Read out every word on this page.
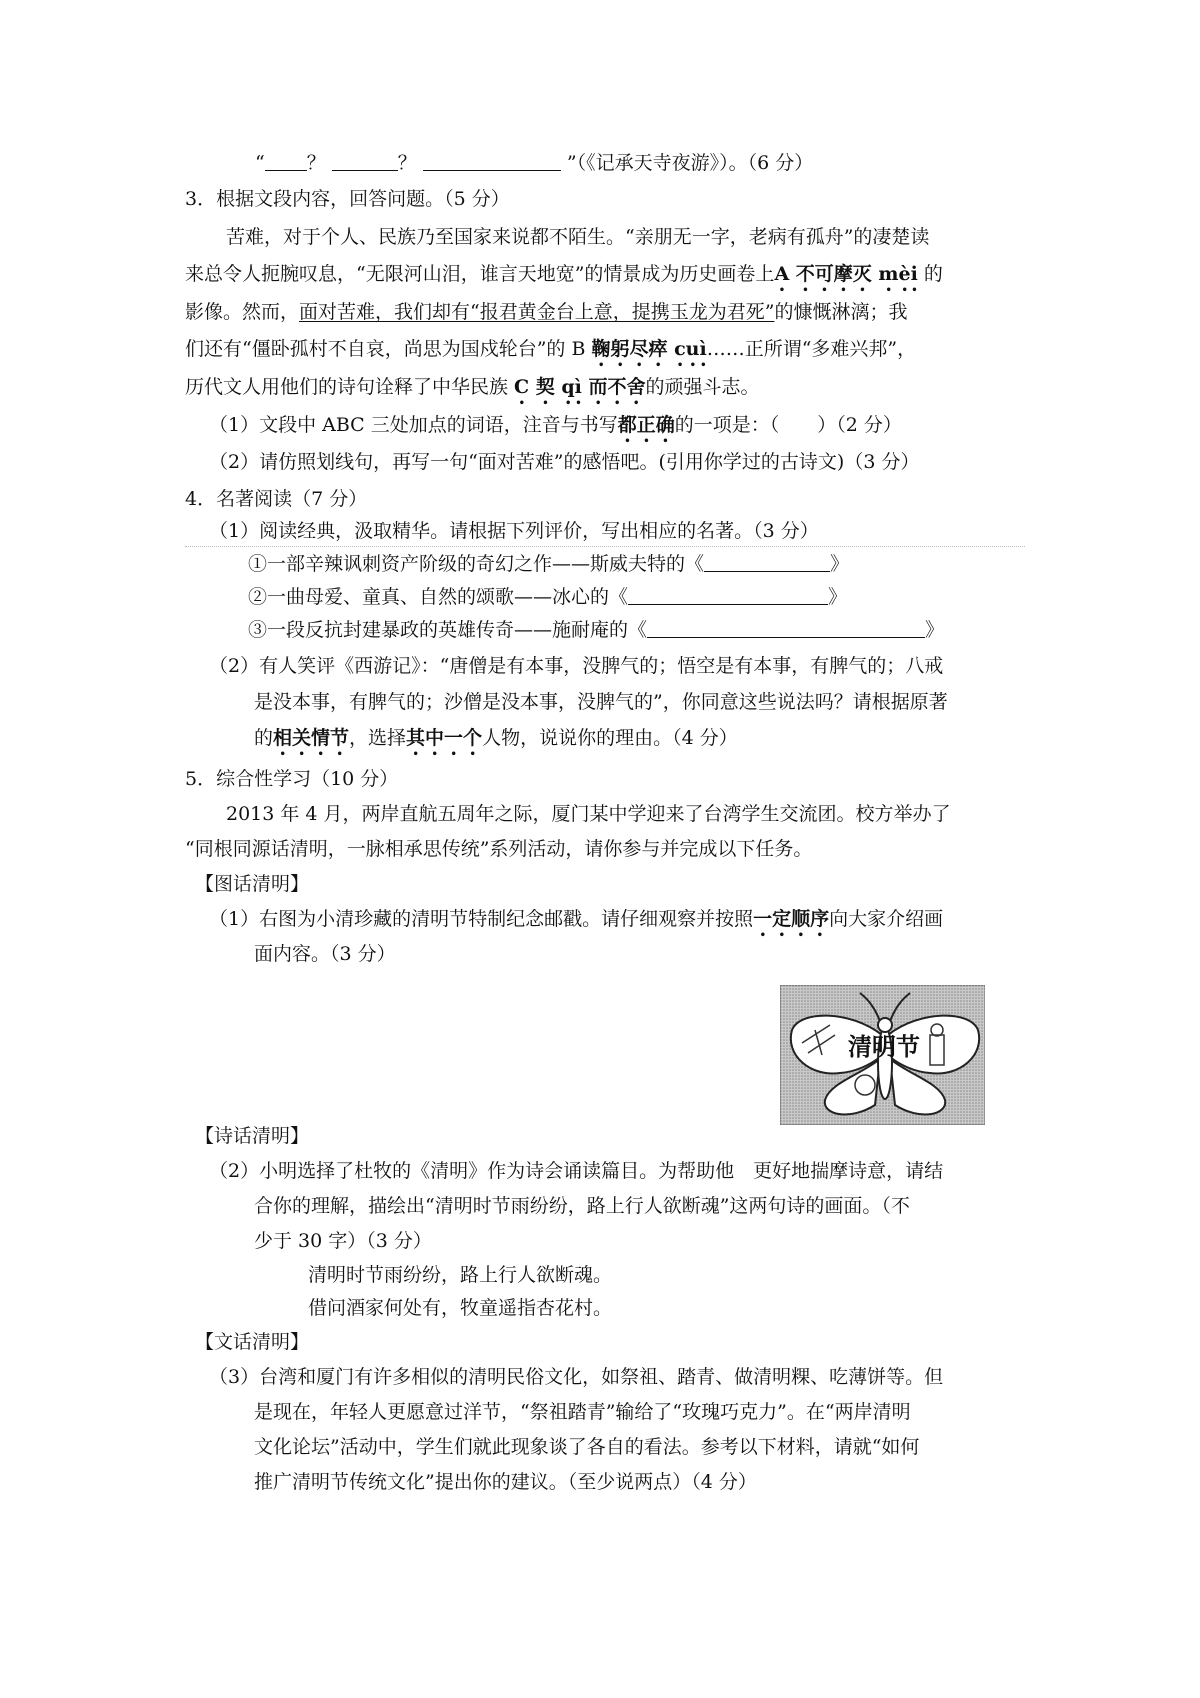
“ ？	？	”（《记承天寺夜游》）。（6 分）
3．根据文段内容，回答问题。（5 分）
苦难，对于个人、民族乃至国家来说都不陌生。“亲朋无一字，老病有孤舟”的凄楚读
来总令人扼腕叹息，“无限河山泪，谁言天地宽”的情景成为历史画卷上A 不可摩灭 mèi 的
影像。然而，面对苦难，我们却有“报君黄金台上意，提携玉龙为君死”的慷慨淋漓；我
们还有“僵卧孤村不自哀，尚思为国戍轮台”的 B 鞠躬尽瘁 cuì……正所谓“多难兴邦”，
历代文人用他们的诗句诠释了中华民族 C 契 qì 而不舍的顽强斗志。
（1）文段中 ABC 三处加点的词语，注音与书写都正确的一项是：（　　）（2 分）
（2）请仿照划线句，再写一句“面对苦难”的感悟吧。(引用你学过的古诗文)（3 分）
4．名著阅读（7 分）
（1）阅读经典，汲取精华。请根据下列评价，写出相应的名著。（3 分）
①一部辛辣讽刺资产阶级的奇幻之作——斯威夫特的《	》
②一曲母爱、童真、自然的颂歌——冰心的《	》
③一段反抗封建暴政的英雄传奇——施耐庵的《	》
（2）有人笑评《西游记》：“唐僧是有本事，没脾气的；悟空是有本事，有脾气的；八戒
是没本事，有脾气的；沙僧是没本事，没脾气的”，你同意这些说法吗？请根据原著
的相关情节，选择其中一个人物，说说你的理由。（4 分）
5．综合性学习（10 分）
2013 年 4 月，两岸直航五周年之际，厦门某中学迎来了台湾学生交流团。校方举办了
“同根同源话清明，一脉相承思传统”系列活动，请你参与并完成以下任务。
【图话清明】
（1）右图为小清珍藏的清明节特制纪念邮戳。请仔细观察并按照一定顺序向大家介绍画
面内容。（3 分）
清明节
【诗话清明】
（2）小明选择了杜牧的《清明》作为诗会诵读篇目。为帮助他　更好地揣摩诗意，请结
合你的理解，描绘出“清明时节雨纷纷，路上行人欲断魂”这两句诗的画面。（不
少于 30 字）（3 分）
清明时节雨纷纷，路上行人欲断魂。
借问酒家何处有，牧童遥指杏花村。
【文话清明】
（3）台湾和厦门有许多相似的清明民俗文化，如祭祖、踏青、做清明粿、吃薄饼等。但
是现在，年轻人更愿意过洋节，“祭祖踏青”输给了“玫瑰巧克力”。在“两岸清明
文化论坛”活动中，学生们就此现象谈了各自的看法。参考以下材料，请就“如何
推广清明节传统文化”提出你的建议。（至少说两点）（4 分）
